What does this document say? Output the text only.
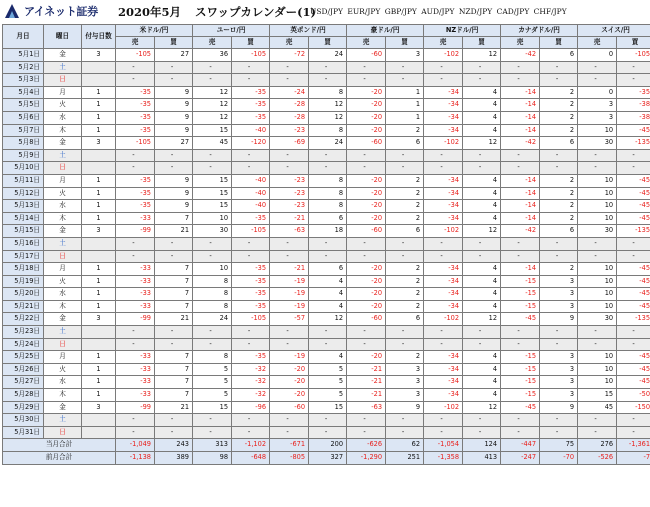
アイネット証券 2020年5月 スワップカレンダー(1)
USD/JPY EUR/JPY GBP/JPY AUD/JPY NZD/JPY CAD/JPY CHF/JPY
月日	曜日	付与日数	米ドル/円		ユーロ/円		英ポンド/円		豪ドル/円		NZドル/円		カナダドル/円		スイス/円	
			売	買	売	買	売	買	売	買	売	買	売	買	売	買
5月1日	金	3	-105	27	36	-105	-72	24	-60	3	-102	12	-42	6	0	-105
5月2日	土		-	-	-	-	-	-	-	-	-	-	-	-	-	-
5月3日	日		-	-	-	-	-	-	-	-	-	-	-	-	-	-
5月4日	月	1	-35	9	12	-35	-24	8	-20	1	-34	4	-14	2	0	-35
5月5日	火	1	-35	9	12	-35	-28	12	-20	1	-34	4	-14	2	3	-38
5月6日	水	1	-35	9	12	-35	-28	12	-20	1	-34	4	-14	2	3	-38
5月7日	木	1	-35	9	15	-40	-23	8	-20	2	-34	4	-14	2	10	-45
5月8日	金	3	-105	27	45	-120	-69	24	-60	6	-102	12	-42	6	30	-135
5月9日	土		-	-	-	-	-	-	-	-	-	-	-	-	-	-
5月10日	日		-	-	-	-	-	-	-	-	-	-	-	-	-	-
5月11日	月	1	-35	9	15	-40	-23	8	-20	2	-34	4	-14	2	10	-45
5月12日	火	1	-35	9	15	-40	-23	8	-20	2	-34	4	-14	2	10	-45
5月13日	水	1	-35	9	15	-40	-23	8	-20	2	-34	4	-14	2	10	-45
5月14日	木	1	-33	7	10	-35	-21	6	-20	2	-34	4	-14	2	10	-45
5月15日	金	3	-99	21	30	-105	-63	18	-60	6	-102	12	-42	6	30	-135
5月16日	土		-	-	-	-	-	-	-	-	-	-	-	-	-	-
5月17日	日		-	-	-	-	-	-	-	-	-	-	-	-	-	-
5月18日	月	1	-33	7	10	-35	-21	6	-20	2	-34	4	-14	2	10	-45
5月19日	火	1	-33	7	8	-35	-19	4	-20	2	-34	4	-15	3	10	-45
5月20日	水	1	-33	7	8	-35	-19	4	-20	2	-34	4	-15	3	10	-45
5月21日	木	1	-33	7	8	-35	-19	4	-20	2	-34	4	-15	3	10	-45
5月22日	金	3	-99	21	24	-105	-57	12	-60	6	-102	12	-45	9	30	-135
5月23日	土		-	-	-	-	-	-	-	-	-	-	-	-	-	-
5月24日	日		-	-	-	-	-	-	-	-	-	-	-	-	-	-
5月25日	月	1	-33	7	8	-35	-19	4	-20	2	-34	4	-15	3	10	-45
5月26日	火	1	-33	7	5	-32	-20	5	-21	3	-34	4	-15	3	10	-45
5月27日	水	1	-33	7	5	-32	-20	5	-21	3	-34	4	-15	3	10	-45
5月28日	木	1	-33	7	5	-32	-20	5	-21	3	-34	4	-15	3	15	-50
5月29日	金	3	-99	21	15	-96	-60	15	-63	9	-102	12	-45	9	45	-150
5月30日	土		-	-	-	-	-	-	-	-	-	-	-	-	-	-
5月31日	日		-	-	-	-	-	-	-	-	-	-	-	-	-	-
当月合計			-1,049	243	313	-1,102	-671	200	-626	62	-1,054	124	-447	75	276	-1,361
前月合計			-1,138	389	98	-648	-805	327	-1,290	251	-1,358	413	-247	-70	-526	-7
